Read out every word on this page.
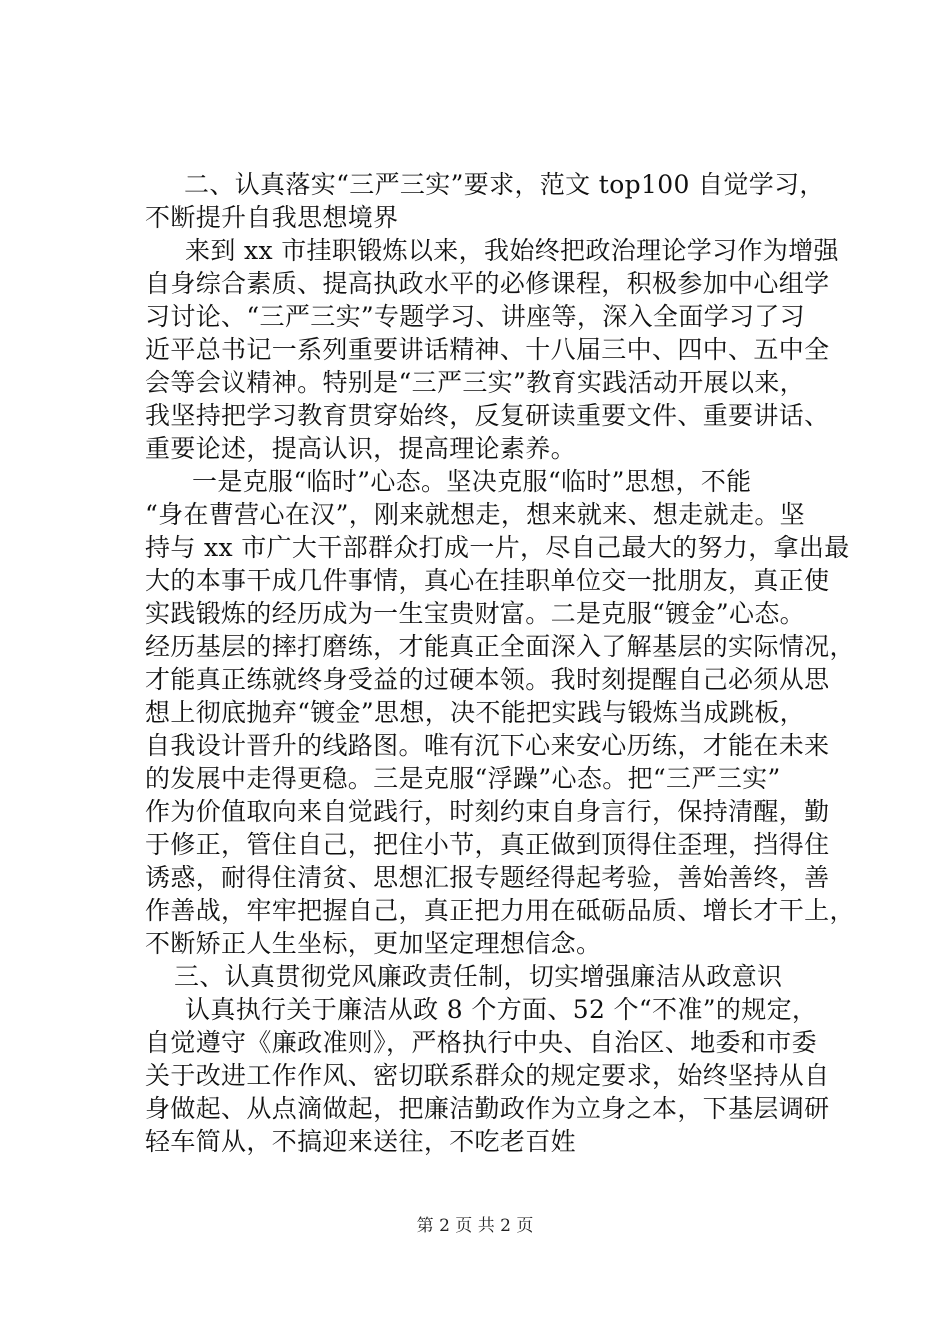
二、认真落实“三严三实”要求，范文 top100 自觉学习，
不断提升自我思想境界
来到 xx 市挂职锻炼以来，我始终把政治理论学习作为增强
自身综合素质、提高执政水平的必修课程，积极参加中心组学
习讨论、“三严三实”专题学习、讲座等，深入全面学习了习
近平总书记一系列重要讲话精神、十八届三中、四中、五中全
会等会议精神。特别是“三严三实”教育实践活动开展以来，
我坚持把学习教育贯穿始终，反复研读重要文件、重要讲话、
重要论述，提高认识，提高理论素养。
一是克服“临时”心态。坚决克服“临时”思想，不能
“身在曹营心在汉”，刚来就想走，想来就来、想走就走。坚
持与 xx 市广大干部群众打成一片，尽自己最大的努力，拿出最
大的本事干成几件事情，真心在挂职单位交一批朋友，真正使
实践锻炼的经历成为一生宝贵财富。二是克服“镀金”心态。
经历基层的摔打磨练，才能真正全面深入了解基层的实际情况，
才能真正练就终身受益的过硬本领。我时刻提醒自己必须从思
想上彻底抛弃“镀金”思想，决不能把实践与锻炼当成跳板，
自我设计晋升的线路图。唯有沉下心来安心历练，才能在未来
的发展中走得更稳。三是克服“浮躁”心态。把“三严三实”
作为价值取向来自觉践行，时刻约束自身言行，保持清醒，勤
于修正，管住自己，把住小节，真正做到顶得住歪理，挡得住
诱惑，耐得住清贫、思想汇报专题经得起考验，善始善终，善
作善战，牢牢把握自己，真正把力用在砥砺品质、增长才干上，
不断矫正人生坐标，更加坚定理想信念。
三、认真贯彻党风廉政责任制，切实增强廉洁从政意识
认真执行关于廉洁从政 8 个方面、52 个“不准”的规定，
自觉遵守《廉政准则》，严格执行中央、自治区、地委和市委
关于改进工作作风、密切联系群众的规定要求，始终坚持从自
身做起、从点滴做起，把廉洁勤政作为立身之本，下基层调研
轻车简从，不搞迎来送往，不吃老百姓
第 2 页 共 2 页
